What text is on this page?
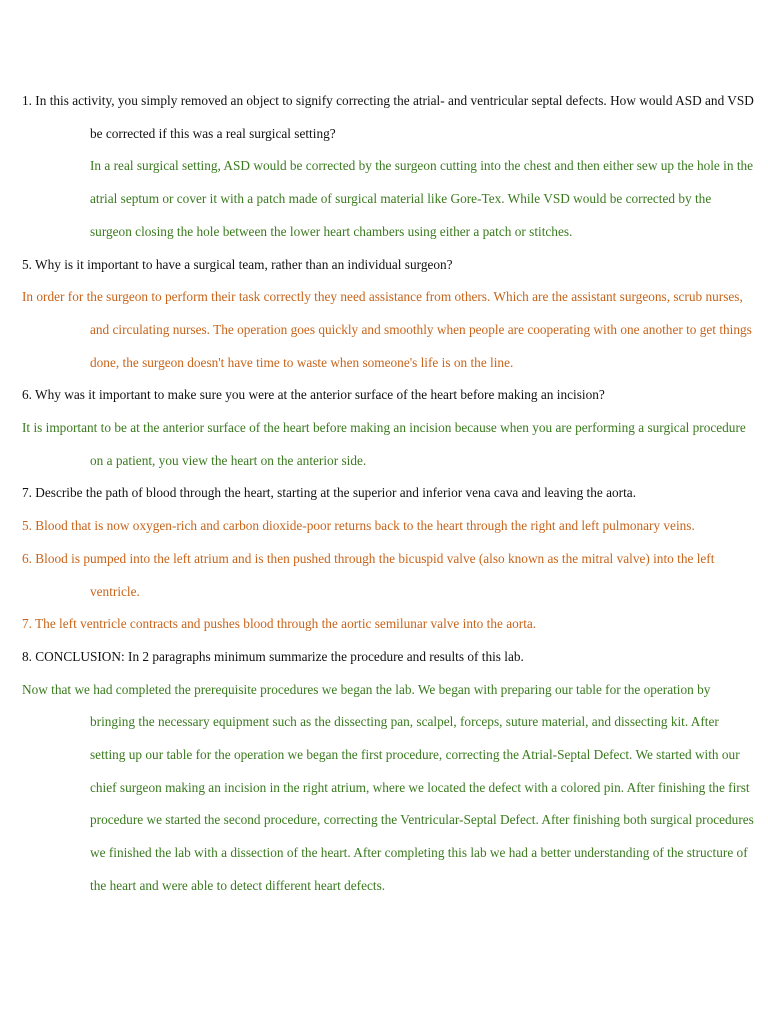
1. In this activity, you simply removed an object to signify correcting the atrial- and ventricular septal defects. How would ASD and VSD be corrected if this was a real surgical setting?

In a real surgical setting, ASD would be corrected by the surgeon cutting into the chest and then either sew up the hole in the atrial septum or cover it with a patch made of surgical material like Gore-Tex. While VSD would be corrected by the surgeon closing the hole between the lower heart chambers using either a patch or stitches.

5. Why is it important to have a surgical team, rather than an individual surgeon?

In order for the surgeon to perform their task correctly they need assistance from others. Which are the assistant surgeons, scrub nurses, and circulating nurses. The operation goes quickly and smoothly when people are cooperating with one another to get things done, the surgeon doesn't have time to waste when someone's life is on the line.

6. Why was it important to make sure you were at the anterior surface of the heart before making an incision?

It is important to be at the anterior surface of the heart before making an incision because when you are performing a surgical procedure on a patient, you view the heart on the anterior side.

7. Describe the path of blood through the heart, starting at the superior and inferior vena cava and leaving the aorta.

5. Blood that is now oxygen-rich and carbon dioxide-poor returns back to the heart through the right and left pulmonary veins.

6. Blood is pumped into the left atrium and is then pushed through the bicuspid valve (also known as the mitral valve) into the left ventricle.

7. The left ventricle contracts and pushes blood through the aortic semilunar valve into the aorta.

8. CONCLUSION: In 2 paragraphs minimum summarize the procedure and results of this lab.

Now that we had completed the prerequisite procedures we began the lab. We began with preparing our table for the operation by bringing the necessary equipment such as the dissecting pan, scalpel, forceps, suture material, and dissecting kit. After setting up our table for the operation we began the first procedure, correcting the Atrial-Septal Defect. We started with our chief surgeon making an incision in the right atrium, where we located the defect with a colored pin. After finishing the first procedure we started the second procedure, correcting the Ventricular-Septal Defect. After finishing both surgical procedures we finished the lab with a dissection of the heart. After completing this lab we had a better understanding of the structure of the heart and were able to detect different heart defects.
